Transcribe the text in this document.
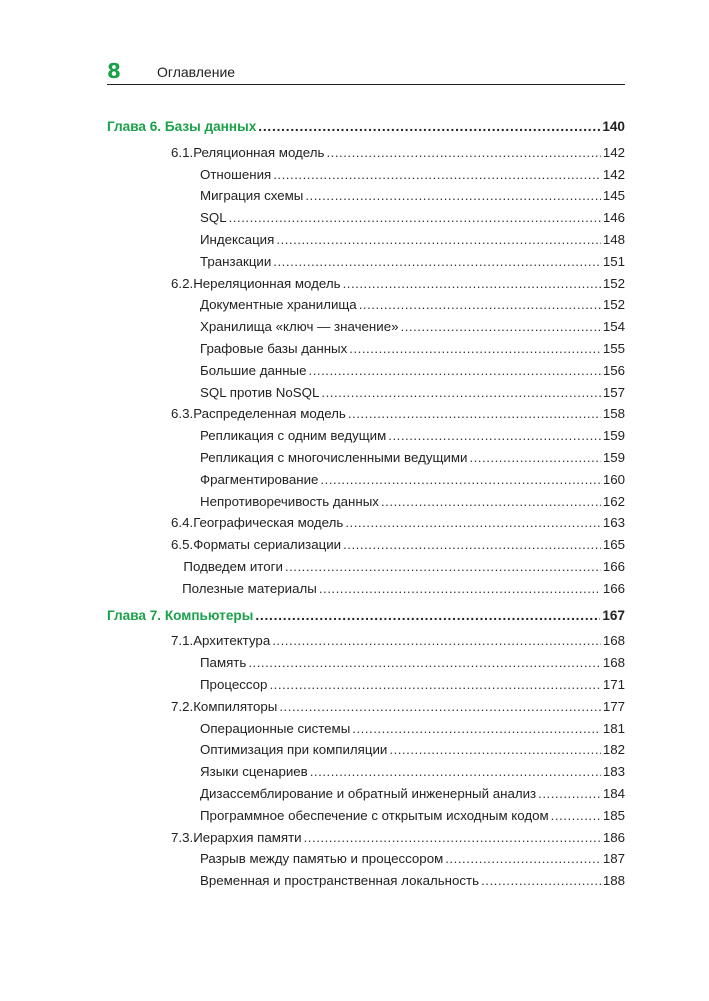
8	Оглавление
Глава 6. Базы данных .....	140
6.1. Реляционная модель .....	142
Отношения .....	142
Миграция схемы .....	145
SQL .....	146
Индексация .....	148
Транзакции .....	151
6.2. Нереляционная модель .....	152
Документные хранилища .....	152
Хранилища «ключ — значение» .....	154
Графовые базы данных .....	155
Большие данные .....	156
SQL против NoSQL .....	157
6.3. Распределенная модель .....	158
Репликация с одним ведущим .....	159
Репликация с многочисленными ведущими .....	159
Фрагментирование .....	160
Непротиворечивость данных .....	162
6.4. Географическая модель .....	163
6.5. Форматы сериализации .....	165
Подведем итоги .....	166
Полезные материалы .....	166
Глава 7. Компьютеры .....	167
7.1. Архитектура .....	168
Память .....	168
Процессор .....	171
7.2. Компиляторы .....	177
Операционные системы .....	181
Оптимизация при компиляции .....	182
Языки сценариев .....	183
Дизассемблирование и обратный инженерный анализ .....	184
Программное обеспечение с открытым исходным кодом .....	185
7.3. Иерархия памяти .....	186
Разрыв между памятью и процессором .....	187
Временная и пространственная локальность .....	188
